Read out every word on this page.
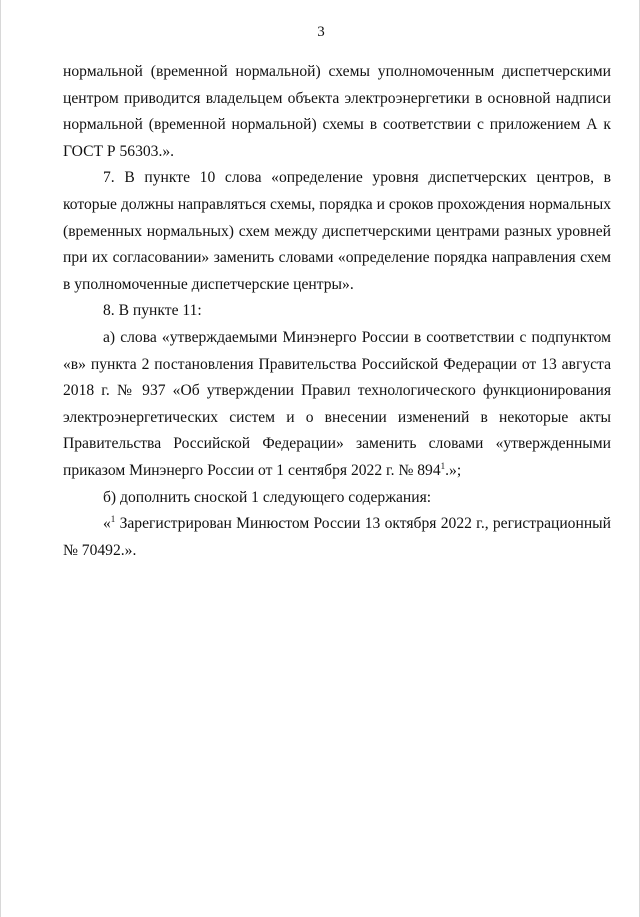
3

нормальной (временной нормальной) схемы уполномоченным диспетчерскими центром приводится владельцем объекта электроэнергетики в основной надписи нормальной (временной нормальной) схемы в соответствии с приложением А к ГОСТ Р 56303.».

7. В пункте 10 слова «определение уровня диспетчерских центров, в которые должны направляться схемы, порядка и сроков прохождения нормальных (временных нормальных) схем между диспетчерскими центрами разных уровней при их согласовании» заменить словами «определение порядка направления схем в уполномоченные диспетчерские центры».

8. В пункте 11:

а) слова «утверждаемыми Минэнерго России в соответствии с подпунктом «в» пункта 2 постановления Правительства Российской Федерации от 13 августа 2018 г. № 937 «Об утверждении Правил технологического функционирования электроэнергетических систем и о внесении изменений в некоторые акты Правительства Российской Федерации» заменить словами «утвержденными приказом Минэнерго России от 1 сентября 2022 г. № $894^1$.»;

б) дополнить сноской 1 следующего содержания:

«$^1$ Зарегистрирован Минюстом России 13 октября 2022 г., регистрационный № 70492.».
